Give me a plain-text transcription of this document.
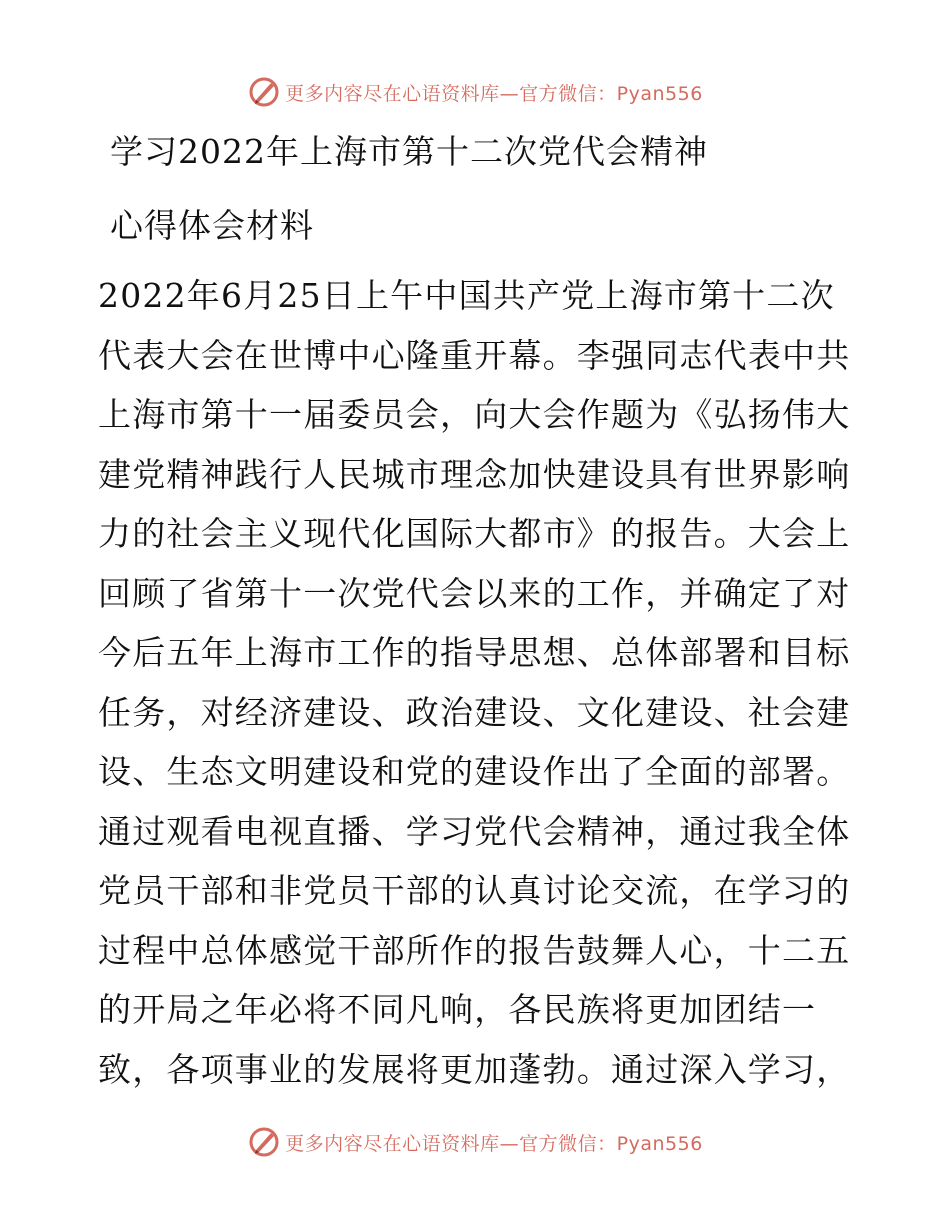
更多内容尽在心语资料库—官方微信：Pyan556
学习2022年上海市第十二次党代会精神
心得体会材料
2022年6月25日上午中国共产党上海市第十二次
代表大会在世博中心隆重开幕。李强同志代表中共
上海市第十一届委员会，向大会作题为《弘扬伟大
建党精神践行人民城市理念加快建设具有世界影响
力的社会主义现代化国际大都市》的报告。大会上
回顾了省第十一次党代会以来的工作，并确定了对
今后五年上海市工作的指导思想、总体部署和目标
任务，对经济建设、政治建设、文化建设、社会建
设、生态文明建设和党的建设作出了全面的部署。
通过观看电视直播、学习党代会精神，通过我全体
党员干部和非党员干部的认真讨论交流，在学习的
过程中总体感觉干部所作的报告鼓舞人心，十二五
的开局之年必将不同凡响，各民族将更加团结一
致，各项事业的发展将更加蓬勃。通过深入学习，
更多内容尽在心语资料库—官方微信：Pyan556
